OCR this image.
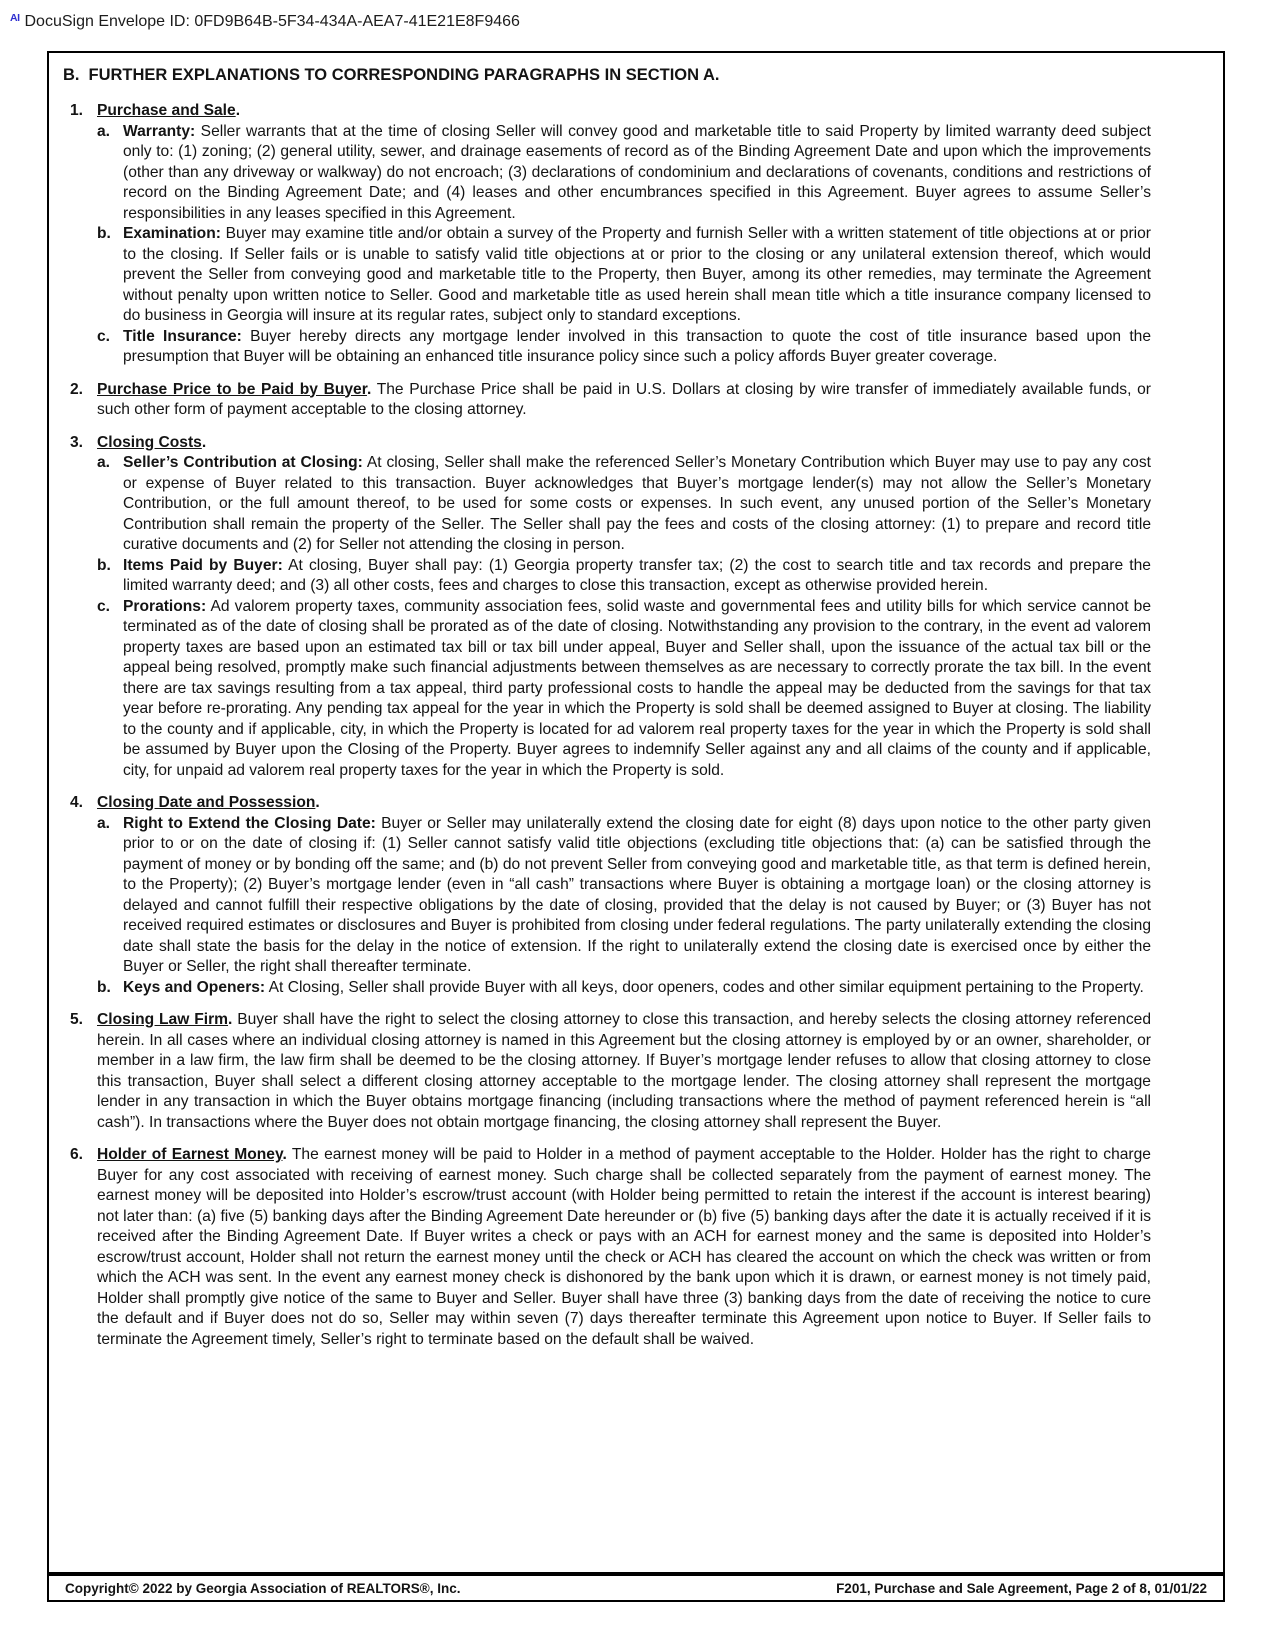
$^{AI}$ DocuSign Envelope ID: 0FD9B64B-5F34-434A-AEA7-41E21E8F9466
B. FURTHER EXPLANATIONS TO CORRESPONDING PARAGRAPHS IN SECTION A.
1. Purchase and Sale.
a. Warranty: Seller warrants that at the time of closing Seller will convey good and marketable title to said Property by limited warranty deed subject only to: (1) zoning; (2) general utility, sewer, and drainage easements of record as of the Binding Agreement Date and upon which the improvements (other than any driveway or walkway) do not encroach; (3) declarations of condominium and declarations of covenants, conditions and restrictions of record on the Binding Agreement Date; and (4) leases and other encumbrances specified in this Agreement. Buyer agrees to assume Seller’s responsibilities in any leases specified in this Agreement.
b. Examination: Buyer may examine title and/or obtain a survey of the Property and furnish Seller with a written statement of title objections at or prior to the closing. If Seller fails or is unable to satisfy valid title objections at or prior to the closing or any unilateral extension thereof, which would prevent the Seller from conveying good and marketable title to the Property, then Buyer, among its other remedies, may terminate the Agreement without penalty upon written notice to Seller. Good and marketable title as used herein shall mean title which a title insurance company licensed to do business in Georgia will insure at its regular rates, subject only to standard exceptions.
c. Title Insurance: Buyer hereby directs any mortgage lender involved in this transaction to quote the cost of title insurance based upon the presumption that Buyer will be obtaining an enhanced title insurance policy since such a policy affords Buyer greater coverage.
2. Purchase Price to be Paid by Buyer. The Purchase Price shall be paid in U.S. Dollars at closing by wire transfer of immediately available funds, or such other form of payment acceptable to the closing attorney.
3. Closing Costs.
a. Seller’s Contribution at Closing: At closing, Seller shall make the referenced Seller’s Monetary Contribution which Buyer may use to pay any cost or expense of Buyer related to this transaction. Buyer acknowledges that Buyer’s mortgage lender(s) may not allow the Seller’s Monetary Contribution, or the full amount thereof, to be used for some costs or expenses. In such event, any unused portion of the Seller’s Monetary Contribution shall remain the property of the Seller. The Seller shall pay the fees and costs of the closing attorney: (1) to prepare and record title curative documents and (2) for Seller not attending the closing in person.
b. Items Paid by Buyer: At closing, Buyer shall pay: (1) Georgia property transfer tax; (2) the cost to search title and tax records and prepare the limited warranty deed; and (3) all other costs, fees and charges to close this transaction, except as otherwise provided herein.
c. Prorations: Ad valorem property taxes, community association fees, solid waste and governmental fees and utility bills for which service cannot be terminated as of the date of closing shall be prorated as of the date of closing. Notwithstanding any provision to the contrary, in the event ad valorem property taxes are based upon an estimated tax bill or tax bill under appeal, Buyer and Seller shall, upon the issuance of the actual tax bill or the appeal being resolved, promptly make such financial adjustments between themselves as are necessary to correctly prorate the tax bill. In the event there are tax savings resulting from a tax appeal, third party professional costs to handle the appeal may be deducted from the savings for that tax year before re-prorating. Any pending tax appeal for the year in which the Property is sold shall be deemed assigned to Buyer at closing. The liability to the county and if applicable, city, in which the Property is located for ad valorem real property taxes for the year in which the Property is sold shall be assumed by Buyer upon the Closing of the Property. Buyer agrees to indemnify Seller against any and all claims of the county and if applicable, city, for unpaid ad valorem real property taxes for the year in which the Property is sold.
4. Closing Date and Possession.
a. Right to Extend the Closing Date: Buyer or Seller may unilaterally extend the closing date for eight (8) days upon notice to the other party given prior to or on the date of closing if: (1) Seller cannot satisfy valid title objections (excluding title objections that: (a) can be satisfied through the payment of money or by bonding off the same; and (b) do not prevent Seller from conveying good and marketable title, as that term is defined herein, to the Property); (2) Buyer’s mortgage lender (even in “all cash” transactions where Buyer is obtaining a mortgage loan) or the closing attorney is delayed and cannot fulfill their respective obligations by the date of closing, provided that the delay is not caused by Buyer; or (3) Buyer has not received required estimates or disclosures and Buyer is prohibited from closing under federal regulations. The party unilaterally extending the closing date shall state the basis for the delay in the notice of extension. If the right to unilaterally extend the closing date is exercised once by either the Buyer or Seller, the right shall thereafter terminate.
b. Keys and Openers: At Closing, Seller shall provide Buyer with all keys, door openers, codes and other similar equipment pertaining to the Property.
5. Closing Law Firm. Buyer shall have the right to select the closing attorney to close this transaction, and hereby selects the closing attorney referenced herein. In all cases where an individual closing attorney is named in this Agreement but the closing attorney is employed by or an owner, shareholder, or member in a law firm, the law firm shall be deemed to be the closing attorney. If Buyer’s mortgage lender refuses to allow that closing attorney to close this transaction, Buyer shall select a different closing attorney acceptable to the mortgage lender. The closing attorney shall represent the mortgage lender in any transaction in which the Buyer obtains mortgage financing (including transactions where the method of payment referenced herein is “all cash”). In transactions where the Buyer does not obtain mortgage financing, the closing attorney shall represent the Buyer.
6. Holder of Earnest Money. The earnest money will be paid to Holder in a method of payment acceptable to the Holder. Holder has the right to charge Buyer for any cost associated with receiving of earnest money. Such charge shall be collected separately from the payment of earnest money. The earnest money will be deposited into Holder’s escrow/trust account (with Holder being permitted to retain the interest if the account is interest bearing) not later than: (a) five (5) banking days after the Binding Agreement Date hereunder or (b) five (5) banking days after the date it is actually received if it is received after the Binding Agreement Date. If Buyer writes a check or pays with an ACH for earnest money and the same is deposited into Holder’s escrow/trust account, Holder shall not return the earnest money until the check or ACH has cleared the account on which the check was written or from which the ACH was sent. In the event any earnest money check is dishonored by the bank upon which it is drawn, or earnest money is not timely paid, Holder shall promptly give notice of the same to Buyer and Seller. Buyer shall have three (3) banking days from the date of receiving the notice to cure the default and if Buyer does not do so, Seller may within seven (7) days thereafter terminate this Agreement upon notice to Buyer. If Seller fails to terminate the Agreement timely, Seller’s right to terminate based on the default shall be waived.
Copyright© 2022 by Georgia Association of REALTORS®, Inc.	F201, Purchase and Sale Agreement, Page 2 of 8, 01/01/22
